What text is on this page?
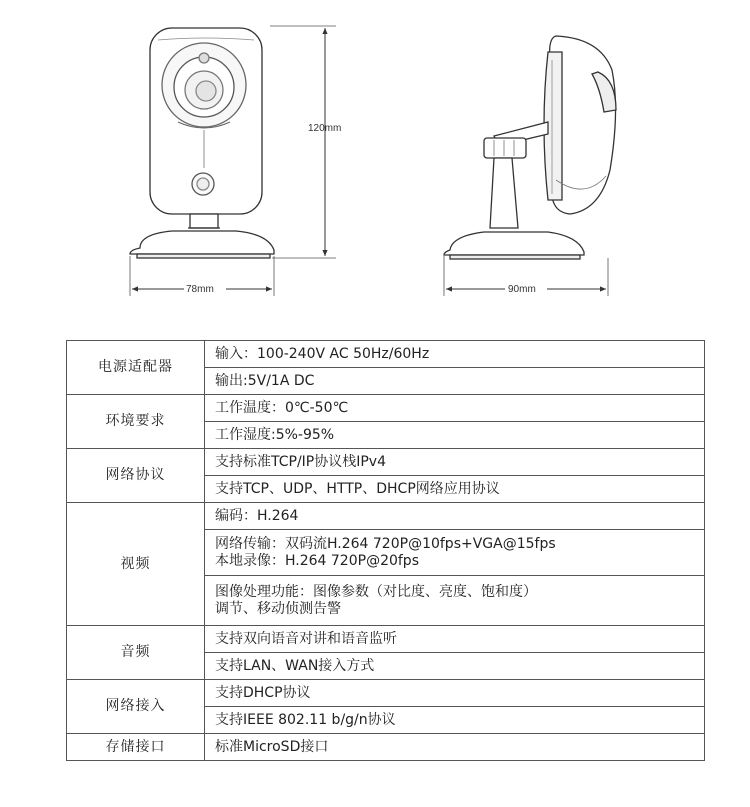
120mm
78mm	90mm
电源适配器	输入：100-240V AC 50Hz/60Hz

	输出:5V/1A DC

环境要求	工作温度：0℃-50℃

	工作湿度:5%-95%

网络协议	支持标准TCP/IP协议栈IPv4

	支持TCP、UDP、HTTP、DHCP网络应用协议

视频	编码：H.264

	网络传输：双码流H.264 720P@10fps+VGA@15fps
本地录像：H.264 720P@20fps

	图像处理功能：图像参数（对比度、亮度、饱和度）
调节、移动侦测告警

音频	支持双向语音对讲和语音监听

	支持LAN、WAN接入方式

网络接入	支持DHCP协议

	支持IEEE 802.11 b/g/n协议

存储接口	标准MicroSD接口
